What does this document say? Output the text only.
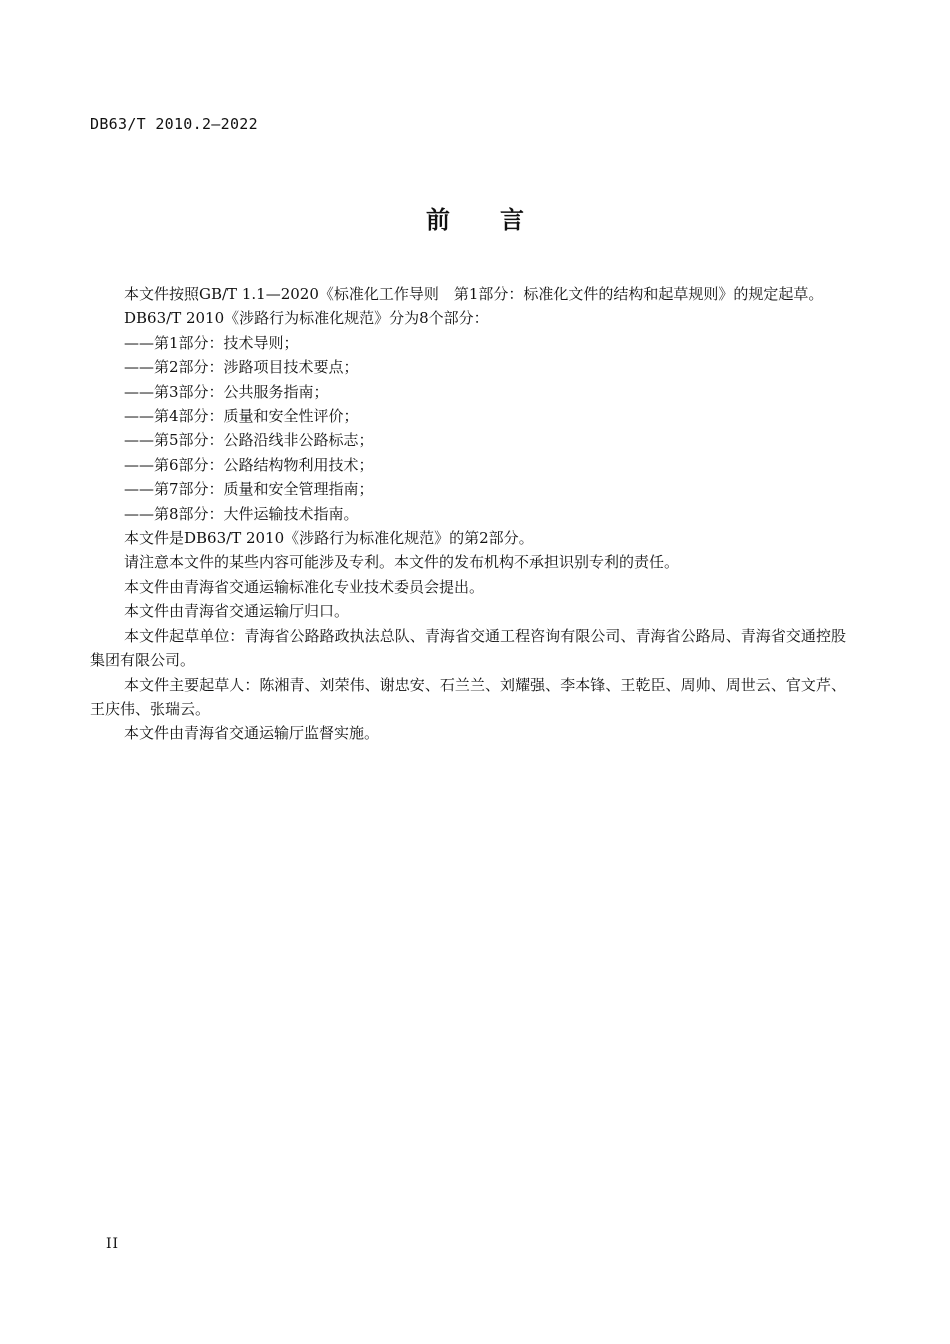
DB63/T 2010.2—2022
前言

本文件按照GB/T 1.1—2020《标准化工作导则　第1部分：标准化文件的结构和起草规则》的规定起草。

DB63/T 2010《涉路行为标准化规范》分为8个部分：

——第1部分：技术导则；

——第2部分：涉路项目技术要点；

——第3部分：公共服务指南；

——第4部分：质量和安全性评价；

——第5部分：公路沿线非公路标志；

——第6部分：公路结构物利用技术；

——第7部分：质量和安全管理指南；

——第8部分：大件运输技术指南。

本文件是DB63/T 2010《涉路行为标准化规范》的第2部分。

请注意本文件的某些内容可能涉及专利。本文件的发布机构不承担识别专利的责任。

本文件由青海省交通运输标准化专业技术委员会提出。

本文件由青海省交通运输厅归口。

本文件起草单位：青海省公路路政执法总队、青海省交通工程咨询有限公司、青海省公路局、青海省交通控股集团有限公司。

本文件主要起草人：陈湘青、刘荣伟、谢忠安、石兰兰、刘耀强、李本锋、王乾臣、周帅、周世云、官文芹、王庆伟、张瑞云。

本文件由青海省交通运输厅监督实施。

II
